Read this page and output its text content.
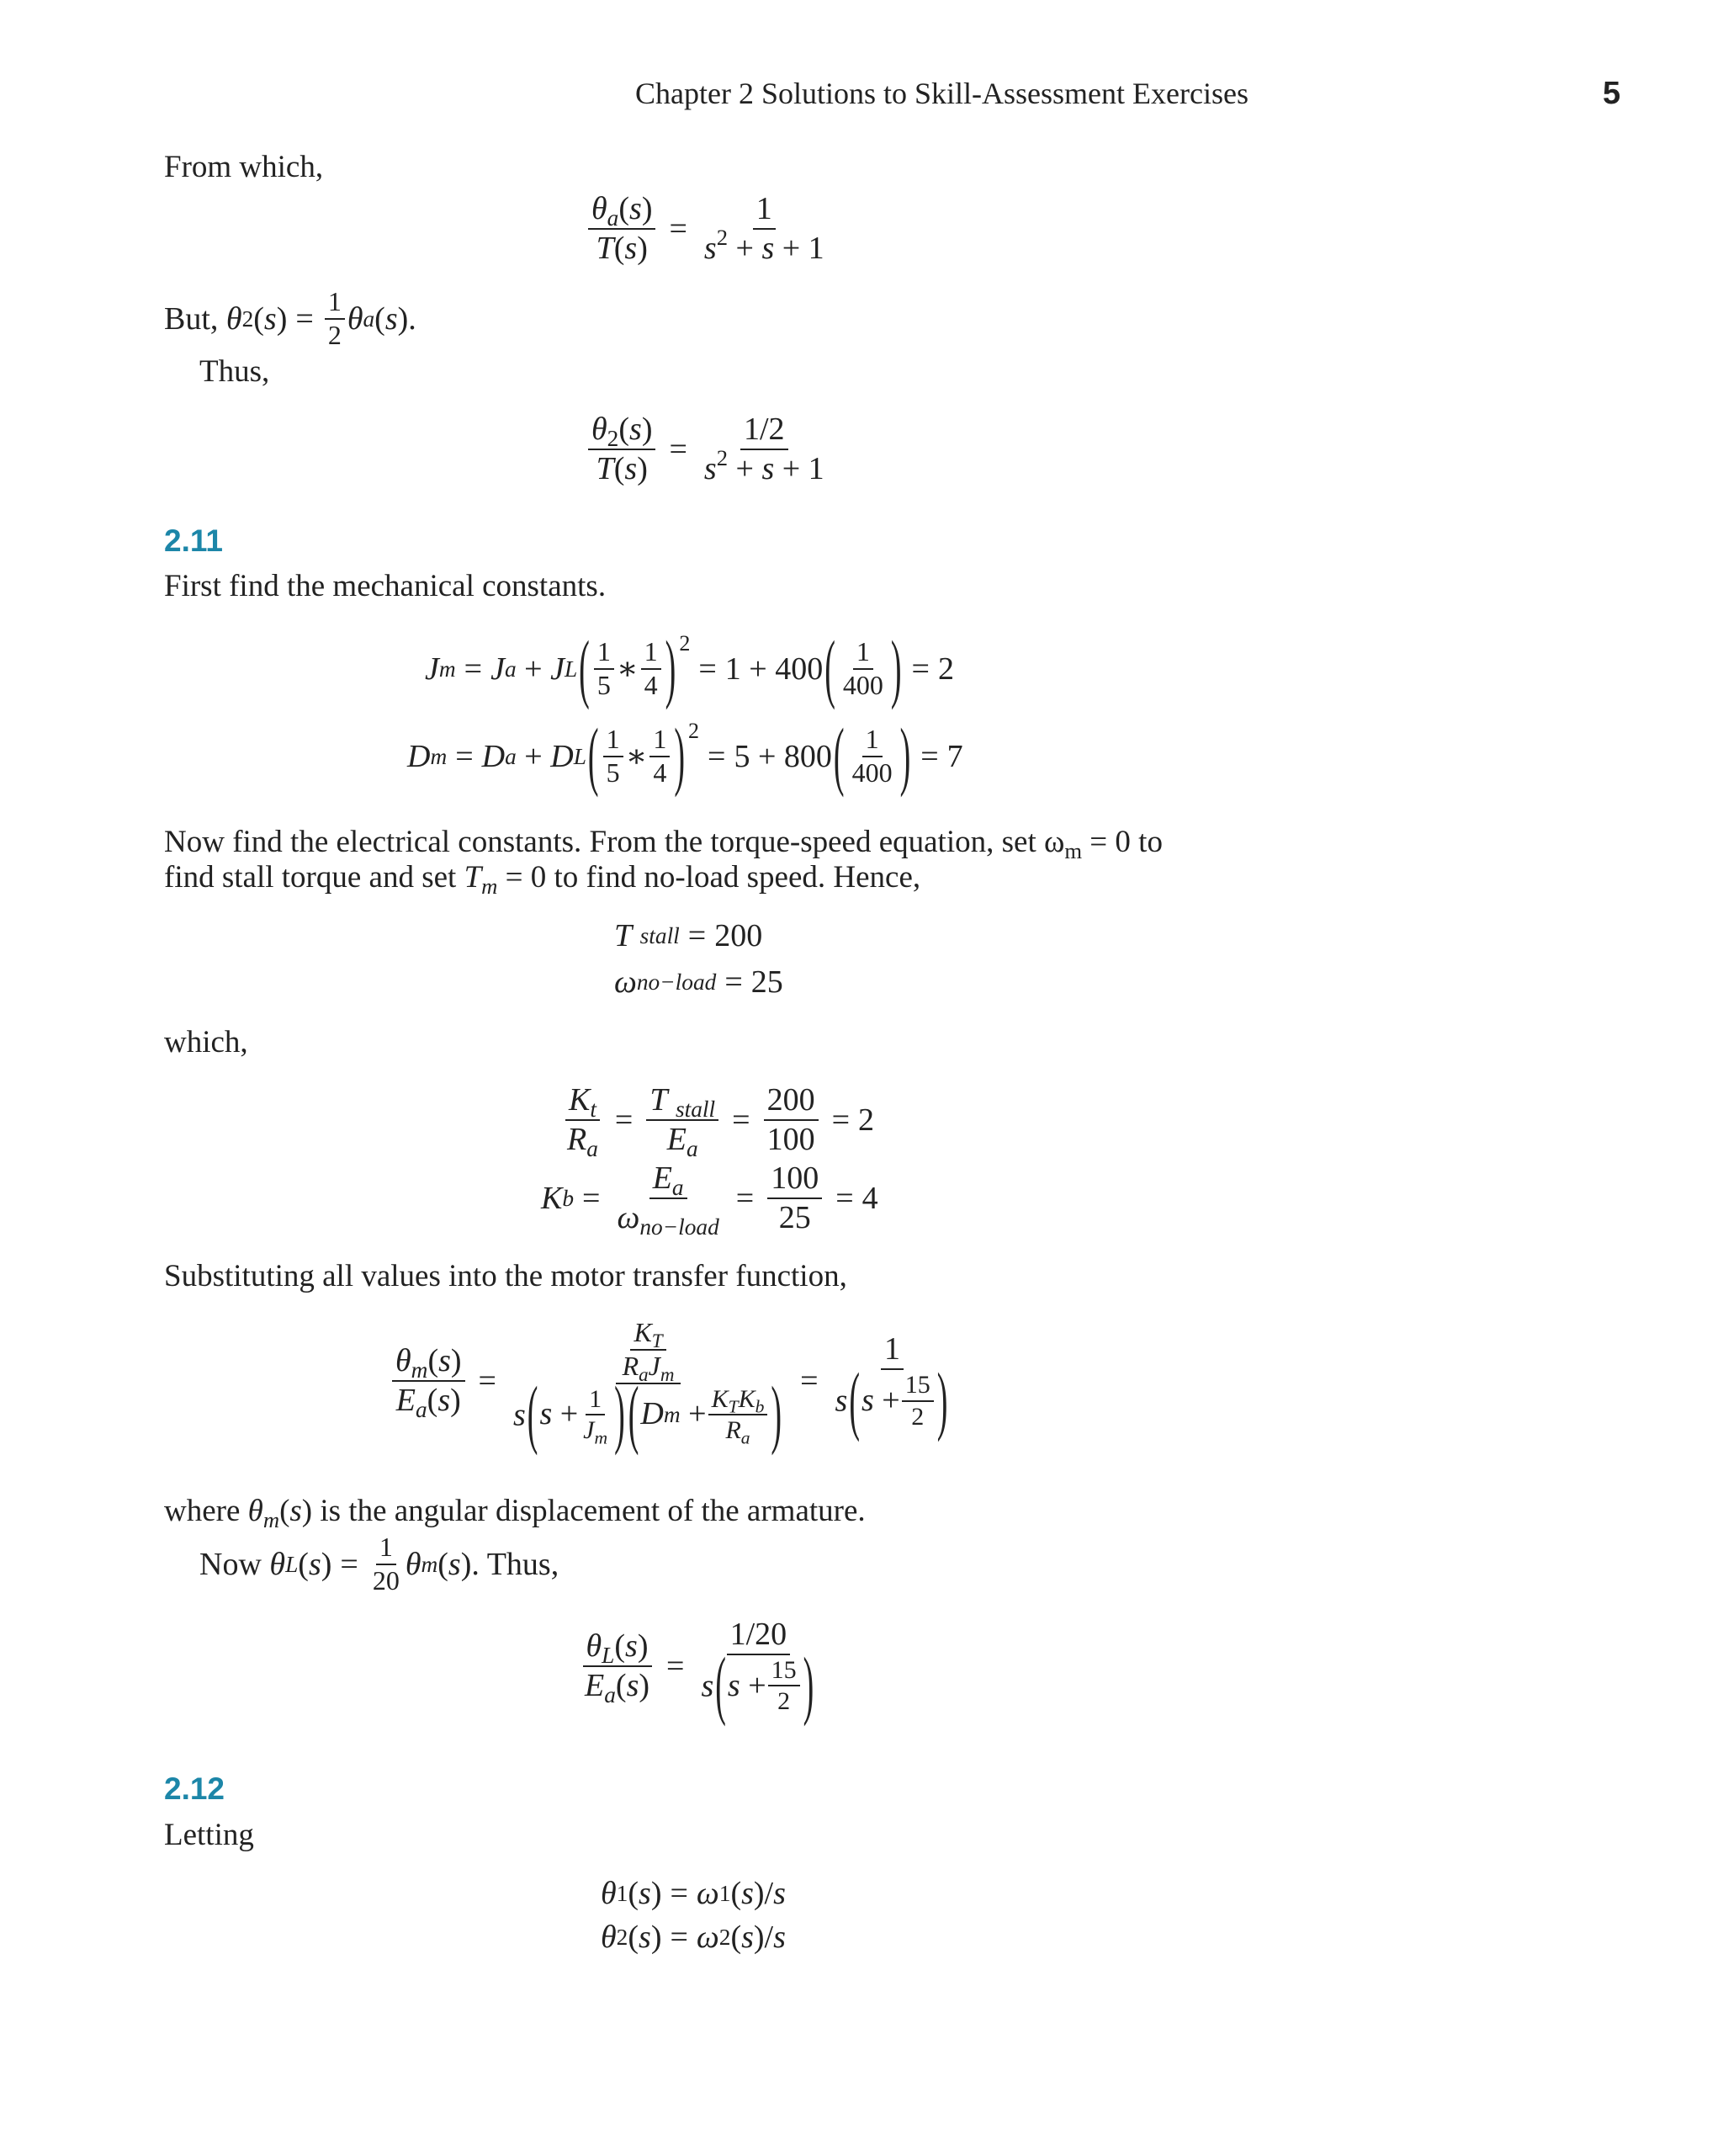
Chapter 2 Solutions to Skill-Assessment Exercises	5
From which,
$\frac{\theta_a(s)}{T(s)} = \frac{1}{s^2 + s + 1}$
But,
θ 2 ( s ) = $\frac{1}{2}$ θ a ( s ).
Thus,
$\frac{\theta_2(s)}{T(s)} = \frac{1/2}{s^2 + s + 1}$
2.11
First find the mechanical constants.
J m = J a + J L ( $\frac{1}{5}$ ∗ $\frac{1}{4}$ ) 2
= 1 + 400 ( $\frac{1}{400}$ ) = 2
D m = D a + D L ( $\frac{1}{5}$ ∗ $\frac{1}{4}$ ) 2
= 5 + 800 ( $\frac{1}{400}$ ) = 7
Now find the electrical constants. From the torque-speed equation, set $\omega_m = 0$ to
find stall torque and set $T_m = 0$ to find no-load speed. Hence,
T
stall = 200
ω no−load = 25
which,
$\frac{K_t}{R_a} = \frac{T _{stall}}{E_a} = \frac{200}{100} = 2$
K $b = \frac{E_a}{\omega_{no-load}} = \frac{100}{25} = 4$
Substituting all values into the motor transfer function,
$\frac{\theta_m(s)}{E_a(s)} = \frac{\frac{K_T}{R_aJ_m}}{s ( s + \frac{1}{J_m} ) ( D m + \frac{K_TK_b}{R_a} )} = \frac{1}{s ( s + \frac{15}{2} )}$
where $\theta_m(s)$ is the angular displacement of the armature.
Now
θ L ( s ) = $\frac{1}{20}$ θ m ( s ) . Thus,
$\frac{\theta_L(s)}{E_a(s)} = \frac{1/20}{s ( s + \frac{15}{2} )}$
2.12
Letting
θ 1 ( s ) = ω 1 ( s )/ s
θ 2 ( s ) = ω 2 ( s )/ s
